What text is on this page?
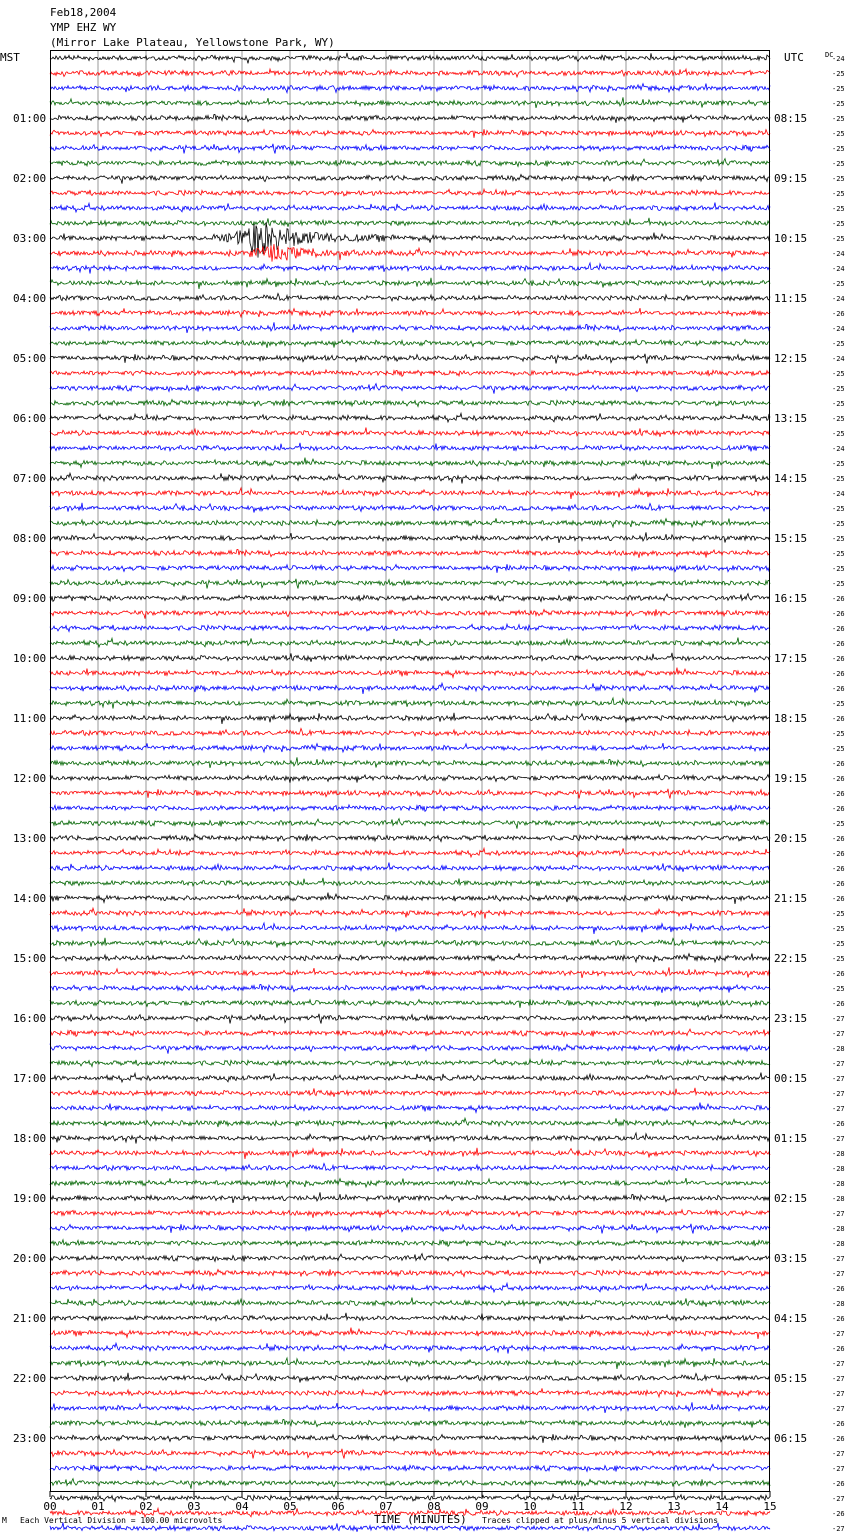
Feb18,2004
YMP EHZ WY
(Mirror Lake Plateau, Yellowstone Park, WY)
MST	UTC	DC
01:00
02:00
03:00
04:00
05:00
06:00
07:00
08:00
09:00
10:00
11:00
12:00
13:00
14:00
15:00
16:00
17:00
18:00
19:00
20:00
21:00
22:00
23:00
08:15
09:15
10:15
11:15
12:15
13:15
14:15
15:15
16:15
17:15
18:15
19:15
20:15
21:15
22:15
23:15
00:15
01:15
02:15
03:15
04:15
05:15
06:15
-24
-25
-25
-25
-25
-25
-25
-25
-25
-25
-25
-25
-25
-24
-24
-25
-24
-26
-24
-25
-24
-25
-25
-25
-25
-25
-24
-25
-25
-24
-25
-25
-25
-25
-25
-25
-26
-26
-26
-26
-26
-26
-26
-25
-26
-25
-25
-26
-26
-26
-26
-25
-26
-26
-26
-26
-26
-25
-25
-25
-25
-26
-25
-26
-27
-27
-28
-27
-27
-27
-27
-26
-27
-28
-28
-28
-28
-27
-28
-28
-27
-27
-26
-28
-26
-27
-26
-27
-27
-27
-27
-26
-26
-27
-27
-26
-27
-26
-27
00	01	02	03	04	05	06	07	08	09	10	11	12	13	14	15
M Each Vertical Division = 100.00 microvolts	TIME (MINUTES) Traces clipped at plus/minus 5 vertical divisions
